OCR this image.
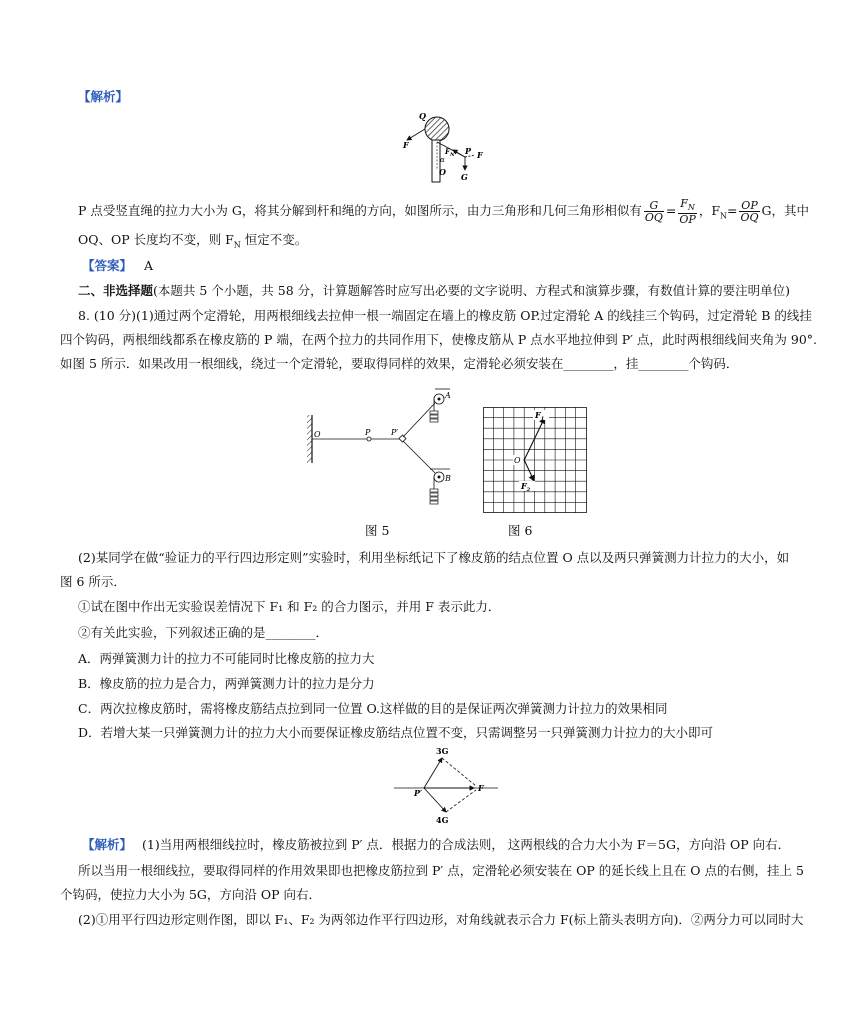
【解析】
Q
F
P
$F_N$	F
G
α
O
P 点受竖直绳的拉力大小为 G，将其分解到杆和绳的方向，如图所示，由力三角形和几何三角形相似有 $\frac{G}{OQ} = \frac{F_N}{OP}$ ，$F_N= \frac{OP}{OQ}$ G，其中
OQ、OP 长度均不变，则 $F_N$ 恒定不变。
【答案】 A
二、非选择题(本题共 5 个小题，共 58 分，计算题解答时应写出必要的文字说明、方程式和演算步骤，有数值计算的要注明单位)
8. (10 分)(1)通过两个定滑轮，用两根细线去拉伸一根一端固定在墙上的橡皮筋 OP.过定滑轮 A 的线挂三个钩码，过定滑轮 B 的线挂
四个钩码，两根细线都系在橡皮筋的 P 端，在两个拉力的共同作用下，使橡皮筋从 P 点水平地拉伸到 P′ 点，此时两根细线间夹角为 90°.
如图 5 所示．如果改用一根细线，绕过一个定滑轮，要取得同样的效果，定滑轮必须安装在________，挂________个钩码．
O	P	P′
A
B
$F_1$
O
$F_2$
图 5	图 6
(2)某同学在做“验证力的平行四边形定则”实验时，利用坐标纸记下了橡皮筋的结点位置 O 点以及两只弹簧测力计拉力的大小，如
图 6 所示．
①试在图中作出无实验误差情况下 F₁ 和 F₂ 的合力图示，并用 F 表示此力．
②有关此实验，下列叙述正确的是________．
A．两弹簧测力计的拉力不可能同时比橡皮筋的拉力大
B．橡皮筋的拉力是合力，两弹簧测力计的拉力是分力
C．两次拉橡皮筋时，需将橡皮筋结点拉到同一位置 O.这样做的目的是保证两次弹簧测力计拉力的效果相同
D．若增大某一只弹簧测力计的拉力大小而要保证橡皮筋结点位置不变，只需调整另一只弹簧测力计拉力的大小即可
3G
P′	F
4G
【解析】 (1)当用两根细线拉时，橡皮筋被拉到 P′ 点．根据力的合成法则， 这两根线的合力大小为 F＝5G，方向沿 OP 向右．
所以当用一根细线拉，要取得同样的作用效果即也把橡皮筋拉到 P′ 点，定滑轮必须安装在 OP 的延长线上且在 O 点的右侧，挂上 5
个钩码，使拉力大小为 5G，方向沿 OP 向右．
(2)①用平行四边形定则作图，即以 F₁、F₂ 为两邻边作平行四边形，对角线就表示合力 F(标上箭头表明方向)．②两分力可以同时大
